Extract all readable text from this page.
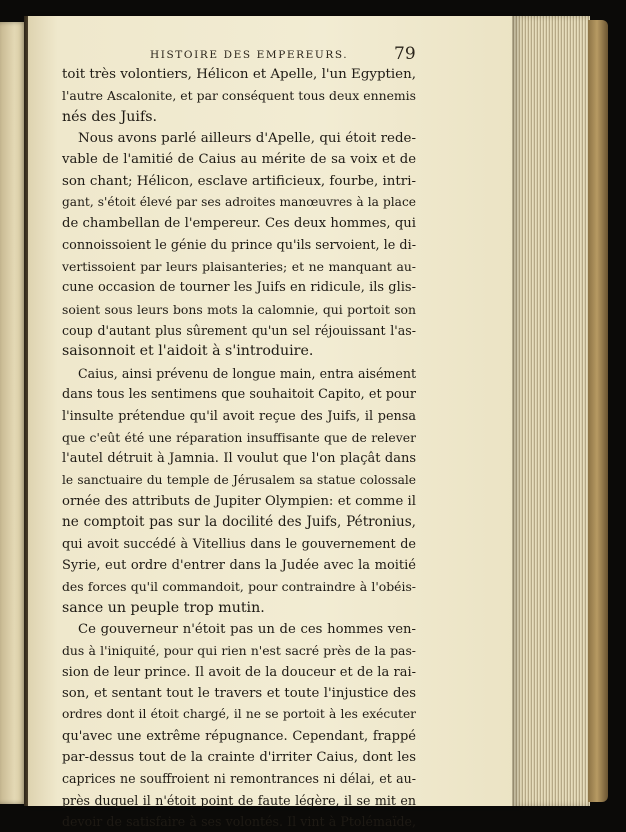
HISTOIRE DES EMPEREURS.	79
toit très volontiers, Hélicon et Apelle, l'un Egyptien,
l'autre Ascalonite, et par conséquent tous deux ennemis
nés des Juifs.
Nous avons parlé ailleurs d'Apelle, qui étoit rede-
vable de l'amitié de Caius au mérite de sa voix et de
son chant; Hélicon, esclave artificieux, fourbe, intri-
gant, s'étoit élevé par ses adroites manœuvres à la place
de chambellan de l'empereur. Ces deux hommes, qui
connoissoient le génie du prince qu'ils servoient, le di-
vertissoient par leurs plaisanteries; et ne manquant au-
cune occasion de tourner les Juifs en ridicule, ils glis-
soient sous leurs bons mots la calomnie, qui portoit son
coup d'autant plus sûrement qu'un sel réjouissant l'as-
saisonnoit et l'aidoit à s'introduire.
Caius, ainsi prévenu de longue main, entra aisément
dans tous les sentimens que souhaitoit Capito, et pour
l'insulte prétendue qu'il avoit reçue des Juifs, il pensa
que c'eût été une réparation insuffisante que de relever
l'autel détruit à Jamnia. Il voulut que l'on plaçât dans
le sanctuaire du temple de Jérusalem sa statue colossale
ornée des attributs de Jupiter Olympien: et comme il
ne comptoit pas sur la docilité des Juifs, Pétronius,
qui avoit succédé à Vitellius dans le gouvernement de
Syrie, eut ordre d'entrer dans la Judée avec la moitié
des forces qu'il commandoit, pour contraindre à l'obéis-
sance un peuple trop mutin.
Ce gouverneur n'étoit pas un de ces hommes ven-
dus à l'iniquité, pour qui rien n'est sacré près de la pas-
sion de leur prince. Il avoit de la douceur et de la rai-
son, et sentant tout le travers et toute l'injustice des
ordres dont il étoit chargé, il ne se portoit à les exécuter
qu'avec une extrême répugnance. Cependant, frappé
par-dessus tout de la crainte d'irriter Caius, dont les
caprices ne souffroient ni remontrances ni délai, et au-
près duquel il n'étoit point de faute légère, il se mit en
devoir de satisfaire à ses volontés. Il vint à Ptolémaïde,
